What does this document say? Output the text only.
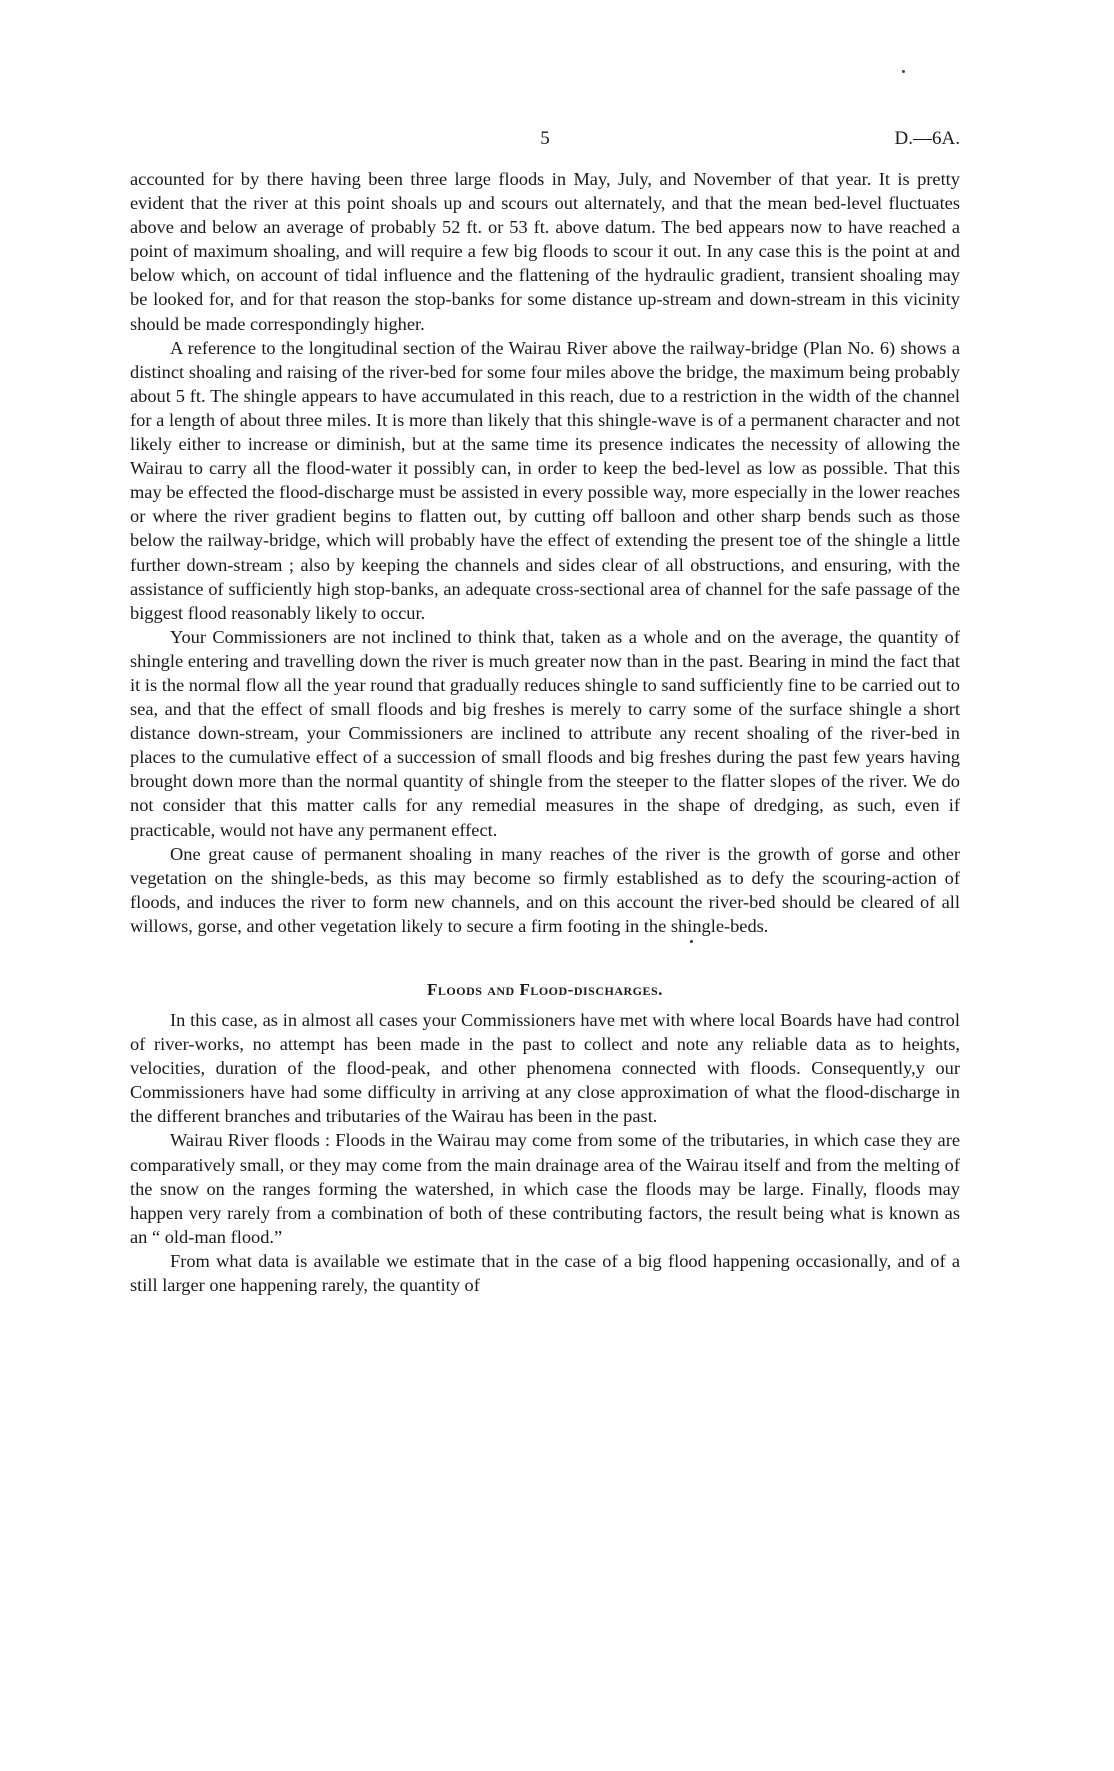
5	D.—6A.

accounted for by there having been three large floods in May, July, and November of that year. It is pretty evident that the river at this point shoals up and scours out alternately, and that the mean bed-level fluctuates above and below an average of probably 52 ft. or 53 ft. above datum. The bed appears now to have reached a point of maximum shoaling, and will require a few big floods to scour it out. In any case this is the point at and below which, on account of tidal influence and the flattening of the hydraulic gradient, transient shoaling may be looked for, and for that reason the stop-banks for some distance up-stream and down-stream in this vicinity should be made correspondingly higher.

A reference to the longitudinal section of the Wairau River above the railway-bridge (Plan No. 6) shows a distinct shoaling and raising of the river-bed for some four miles above the bridge, the maximum being probably about 5 ft. The shingle appears to have accumulated in this reach, due to a restriction in the width of the channel for a length of about three miles. It is more than likely that this shingle-wave is of a permanent character and not likely either to increase or diminish, but at the same time its presence indicates the necessity of allowing the Wairau to carry all the flood-water it possibly can, in order to keep the bed-level as low as possible. That this may be effected the flood-discharge must be assisted in every possible way, more especially in the lower reaches or where the river gradient begins to flatten out, by cutting off balloon and other sharp bends such as those below the railway-bridge, which will probably have the effect of extending the present toe of the shingle a little further down-stream ; also by keeping the channels and sides clear of all obstructions, and ensuring, with the assistance of sufficiently high stop-banks, an adequate cross-sectional area of channel for the safe passage of the biggest flood reasonably likely to occur.

Your Commissioners are not inclined to think that, taken as a whole and on the average, the quantity of shingle entering and travelling down the river is much greater now than in the past. Bearing in mind the fact that it is the normal flow all the year round that gradually reduces shingle to sand sufficiently fine to be carried out to sea, and that the effect of small floods and big freshes is merely to carry some of the surface shingle a short distance down-stream, your Commissioners are inclined to attribute any recent shoaling of the river-bed in places to the cumulative effect of a succession of small floods and big freshes during the past few years having brought down more than the normal quantity of shingle from the steeper to the flatter slopes of the river. We do not consider that this matter calls for any remedial measures in the shape of dredging, as such, even if practicable, would not have any permanent effect.

One great cause of permanent shoaling in many reaches of the river is the growth of gorse and other vegetation on the shingle-beds, as this may become so firmly established as to defy the scouring-action of floods, and induces the river to form new channels, and on this account the river-bed should be cleared of all willows, gorse, and other vegetation likely to secure a firm footing in the shingle-beds.

Floods and Flood-discharges.

In this case, as in almost all cases your Commissioners have met with where local Boards have had control of river-works, no attempt has been made in the past to collect and note any reliable data as to heights, velocities, duration of the flood-peak, and other phenomena connected with floods. Consequently,y our Commissioners have had some difficulty in arriving at any close approximation of what the flood-discharge in the different branches and tributaries of the Wairau has been in the past.

Wairau River floods : Floods in the Wairau may come from some of the tributaries, in which case they are comparatively small, or they may come from the main drainage area of the Wairau itself and from the melting of the snow on the ranges forming the watershed, in which case the floods may be large. Finally, floods may happen very rarely from a combination of both of these contributing factors, the result being what is known as an “ old-man flood.”

From what data is available we estimate that in the case of a big flood happening occasionally, and of a still larger one happening rarely, the quantity of
